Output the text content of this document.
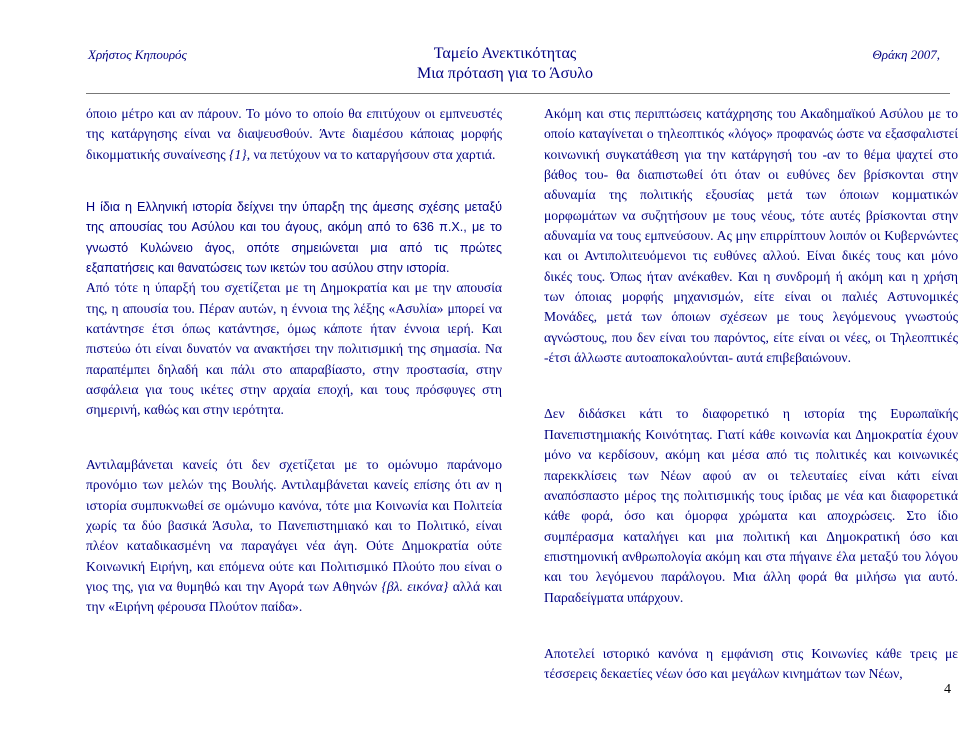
Χρήστος Κηπουρός	Ταμείο Ανεκτικότητας
Μια πρόταση για το Άσυλο
Θράκη 2007,

όποιο μέτρο και αν πάρουν. Το μόνο το οποίο θα επιτύχουν οι εμπνευστές της κατάργησης είναι να διαψευσθούν. Άντε διαμέσου κάποιας μορφής δικομματικής συναίνεσης {1}, να πετύχουν να το καταργήσουν στα χαρτιά.

Η ίδια η Ελληνική ιστορία δείχνει την ύπαρξη της άμεσης σχέσης μεταξύ της απουσίας του Ασύλου και του άγους, ακόμη από το 636 π.Χ., με το γνωστό Κυλώνειο άγος, οπότε σημειώνεται μια από τις πρώτες εξαπατήσεις και θανατώσεις των ικετών του ασύλου στην ιστορία.

Από τότε η ύπαρξή του σχετίζεται με τη Δημοκρατία και με την απουσία της, η απουσία του. Πέραν αυτών, η έννοια της λέξης «Ασυλία» μπορεί να κατάντησε έτσι όπως κατάντησε, όμως κάποτε ήταν έννοια ιερή. Και πιστεύω ότι είναι δυνατόν να ανακτήσει την πολιτισμική της σημασία. Να παραπέμπει δηλαδή και πάλι στο απαραβίαστο, στην προστασία, στην ασφάλεια για τους ικέτες στην αρχαία εποχή, και τους πρόσφυγες στη σημερινή, καθώς και στην ιερότητα.

Αντιλαμβάνεται κανείς ότι δεν σχετίζεται με το ομώνυμο παράνομο προνόμιο των μελών της Βουλής. Αντιλαμβάνεται κανείς επίσης ότι αν η ιστορία συμπυκνωθεί σε ομώνυμο κανόνα, τότε μια Κοινωνία και Πολιτεία χωρίς τα δύο βασικά Άσυλα, το Πανεπιστημιακό και το Πολιτικό, είναι πλέον καταδικασμένη να παραγάγει νέα άγη. Ούτε Δημοκρατία ούτε Κοινωνική Ειρήνη, και επόμενα ούτε και Πολιτισμικό Πλούτο που είναι ο γιος της, για να θυμηθώ και την Αγορά των Αθηνών {βλ. εικόνα} αλλά και την «Ειρήνη φέρουσα Πλούτον παίδα».

Ακόμη και στις περιπτώσεις κατάχρησης του Ακαδημαϊκού Ασύλου με το οποίο καταγίνεται ο τηλεοπτικός «λόγος» προφανώς ώστε να εξασφαλιστεί κοινωνική συγκατάθεση για την κατάργησή του -αν το θέμα ψαχτεί στο βάθος του- θα διαπιστωθεί ότι όταν οι ευθύνες δεν βρίσκονται στην αδυναμία της πολιτικής εξουσίας μετά των όποιων κομματικών μορφωμάτων να συζητήσουν με τους νέους, τότε αυτές βρίσκονται στην αδυναμία να τους εμπνεύσουν. Ας μην επιρρίπτουν λοιπόν οι Κυβερνώντες και οι Αντιπολιτευόμενοι τις ευθύνες αλλού. Είναι δικές τους και μόνο δικές τους. Όπως ήταν ανέκαθεν. Και η συνδρομή ή ακόμη και η χρήση των όποιας μορφής μηχανισμών, είτε είναι οι παλιές Αστυνομικές Μονάδες, μετά των όποιων σχέσεων με τους λεγόμενους γνωστούς αγνώστους, που δεν είναι του παρόντος, είτε είναι οι νέες, οι Τηλεοπτικές -έτσι άλλωστε αυτοαποκαλούνται- αυτά επιβεβαιώνουν.

Δεν διδάσκει κάτι το διαφορετικό η ιστορία της Ευρωπαϊκής Πανεπιστημιακής Κοινότητας. Γιατί κάθε κοινωνία και Δημοκρατία έχουν μόνο να κερδίσουν, ακόμη και μέσα από τις πολιτικές και κοινωνικές παρεκκλίσεις των Νέων αφού αν οι τελευταίες είναι κάτι είναι αναπόσπαστο μέρος της πολιτισμικής τους ίριδας με νέα και διαφορετικά κάθε φορά, όσο και όμορφα χρώματα και αποχρώσεις. Στο ίδιο συμπέρασμα καταλήγει και μια πολιτική και Δημοκρατική όσο και επιστημονική ανθρωπολογία ακόμη και στα πήγαινε έλα μεταξύ του λόγου και του λεγόμενου παράλογου. Μια άλλη φορά θα μιλήσω για αυτό. Παραδείγματα υπάρχουν.

Αποτελεί ιστορικό κανόνα η εμφάνιση στις Κοινωνίες κάθε τρεις με τέσσερεις δεκαετίες νέων όσο και μεγάλων κινημάτων των Νέων,

4
